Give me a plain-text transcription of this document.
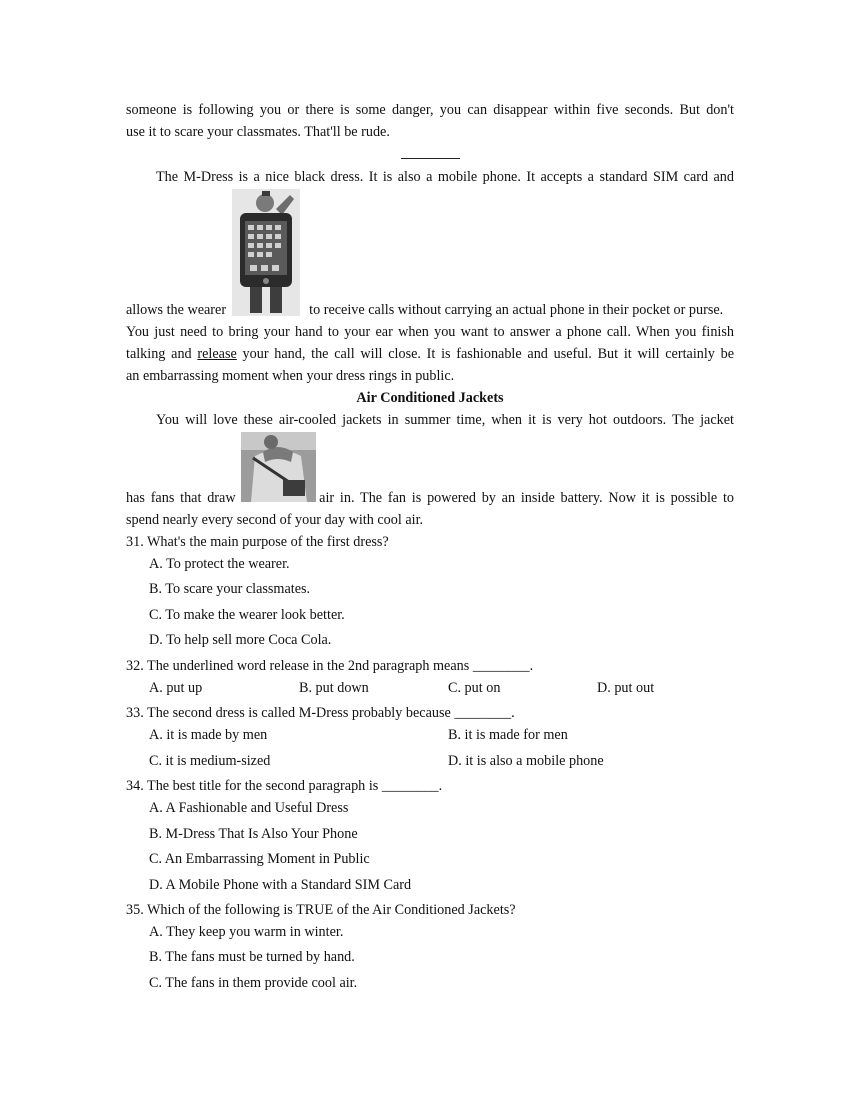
someone is following you or there is some danger, you can disappear within five seconds. But don't
use it to scare your classmates. That'll be rude.
The M-Dress is a nice black dress. It is also a mobile phone. It accepts a standard SIM card and
allows the wearer	to receive calls without carrying an actual phone in their pocket or purse.
You just need to bring your hand to your ear when you want to answer a phone call. When you finish
talking and release your hand, the call will close. It is fashionable and useful. But it will certainly be
an embarrassing moment when your dress rings in public.
Air Conditioned Jackets
You will love these air-cooled jackets in summer time, when it is very hot outdoors. The jacket
has fans that draw	air in. The fan is powered by an inside battery. Now it is possible to
spend nearly every second of your day with cool air.
31. What's the main purpose of the first dress?
A. To protect the wearer.
B. To scare your classmates.
C. To make the wearer look better.
D. To help sell more Coca Cola.
32. The underlined word release in the 2nd paragraph means ________.
A. put up	B. put down	C. put on	D. put out
33. The second dress is called M-Dress probably because ________.
A. it is made by men	B. it is made for men
C. it is medium-sized	D. it is also a mobile phone
34. The best title for the second paragraph is ________.
A. A Fashionable and Useful Dress
B. M-Dress That Is Also Your Phone
C. An Embarrassing Moment in Public
D. A Mobile Phone with a Standard SIM Card
35. Which of the following is TRUE of the Air Conditioned Jackets?
A. They keep you warm in winter.
B. The fans must be turned by hand.
C. The fans in them provide cool air.
